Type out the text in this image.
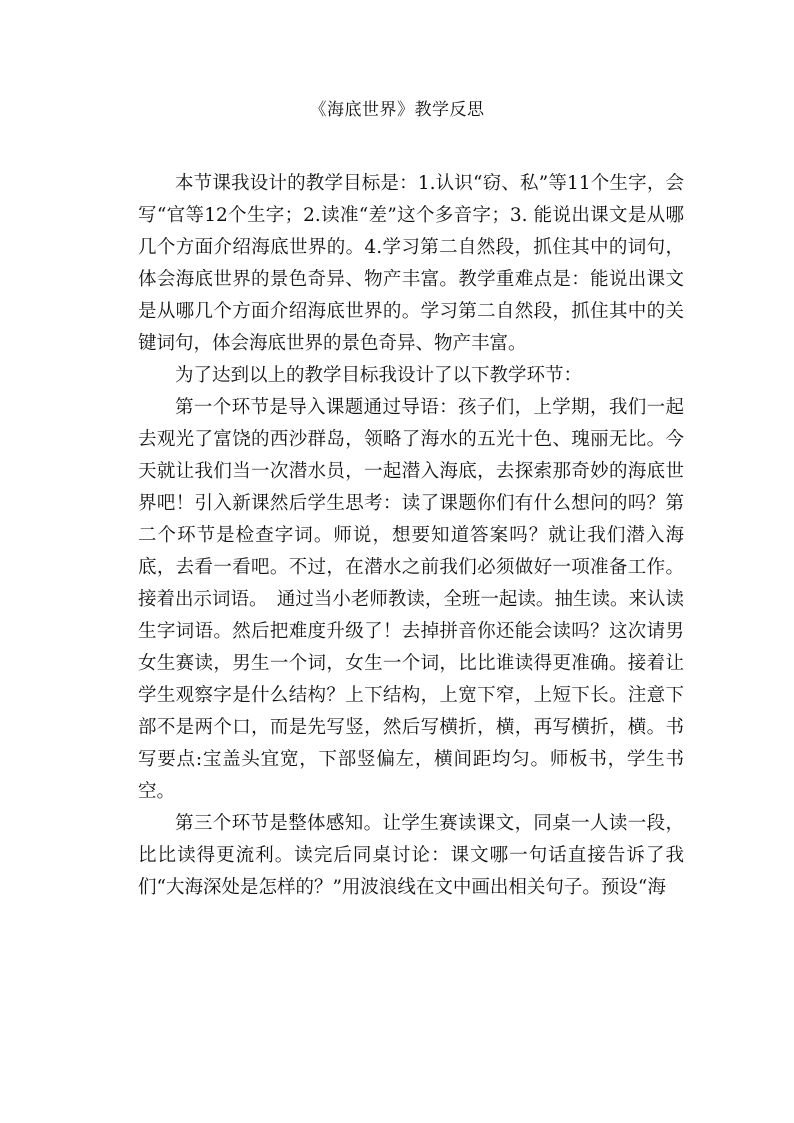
《海底世界》教学反思

本节课我设计的教学目标是：1.认识“窃、私”等11个生字，会写“官等12个生字；2.读准“差”这个多音字；3. 能说出课文是从哪几个方面介绍海底世界的。4.学习第二自然段，抓住其中的词句，体会海底世界的景色奇异、物产丰富。教学重难点是：能说出课文是从哪几个方面介绍海底世界的。学习第二自然段，抓住其中的关键词句，体会海底世界的景色奇异、物产丰富。

为了达到以上的教学目标我设计了以下教学环节：

第一个环节是导入课题通过导语：孩子们，上学期，我们一起去观光了富饶的西沙群岛，领略了海水的五光十色、瑰丽无比。今天就让我们当一次潜水员，一起潜入海底，去探索那奇妙的海底世界吧！引入新课然后学生思考：读了课题你们有什么想问的吗？第二个环节是检查字词。师说，想要知道答案吗？就让我们潜入海底，去看一看吧。不过，在潜水之前我们必须做好一项准备工作。接着出示词语。　通过当小老师教读，全班一起读。抽生读。来认读生字词语。然后把难度升级了！去掉拼音你还能会读吗？这次请男女生赛读，男生一个词，女生一个词，比比谁读得更准确。接着让学生观察字是什么结构？上下结构，上宽下窄，上短下长。注意下部不是两个口，而是先写竖，然后写横折，横，再写横折，横。书写要点:宝盖头宜宽，下部竖偏左，横间距均匀。师板书，学生书空。

第三个环节是整体感知。让学生赛读课文，同桌一人读一段，比比读得更流利。读完后同桌讨论：课文哪一句话直接告诉了我们“大海深处是怎样的？”用波浪线在文中画出相关句子。预设“海
